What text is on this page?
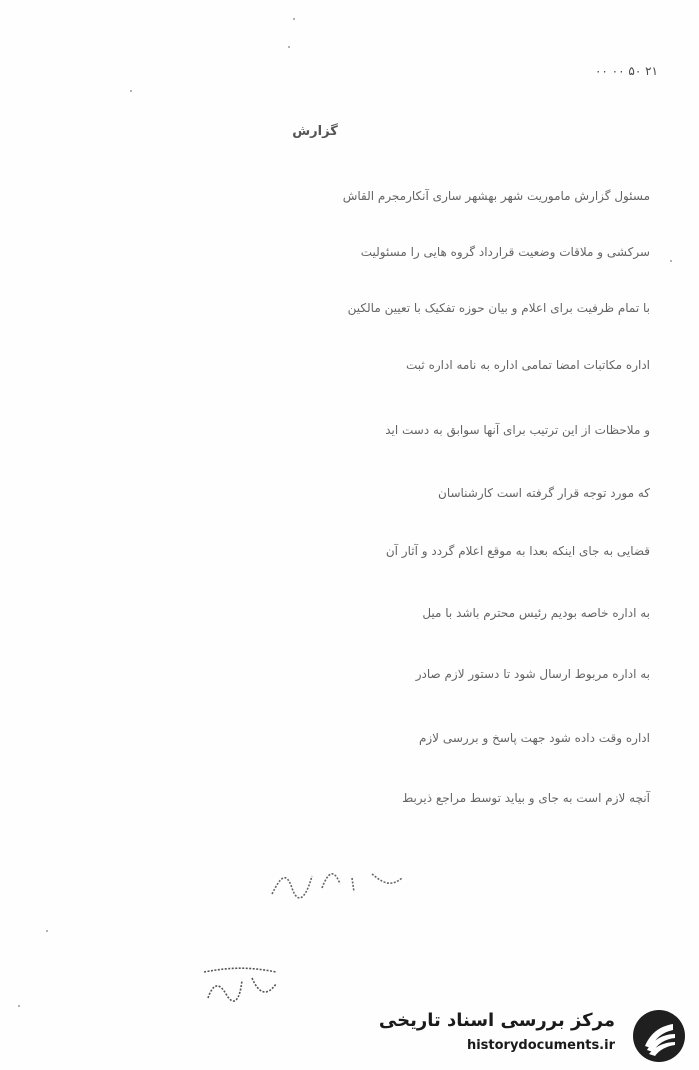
۲۱ ۵۰ ۰۰ ۰۰
گزارش
مسئول گزارش ماموریت شهر بهشهر ساری آنکارمجرم القاش
سرکشی و ملاقات وضعیت قرارداد گروه هایی را مسئولیت
با تمام ظرفیت برای اعلام و بیان حوزه تفکیک با تعیین مالکین
اداره مکاتبات امضا تمامی اداره به نامه اداره ثبت
و ملاحظات از این ترتیب برای آنها سوابق به دست اید
که مورد توجه قرار گرفته است کارشناسان
قضایی به جای اینکه بعدا به موقع اعلام گردد و آثار آن
به اداره خاصه بودیم رئیس محترم باشد با میل
به اداره مربوط ارسال شود تا دستور لازم صادر
اداره وقت داده شود جهت پاسخ و بررسی لازم
آنچه لازم است به جای و بیاید توسط مراجع ذیربط
مرکز بررسی اسناد تاریخی
historydocuments.ir
